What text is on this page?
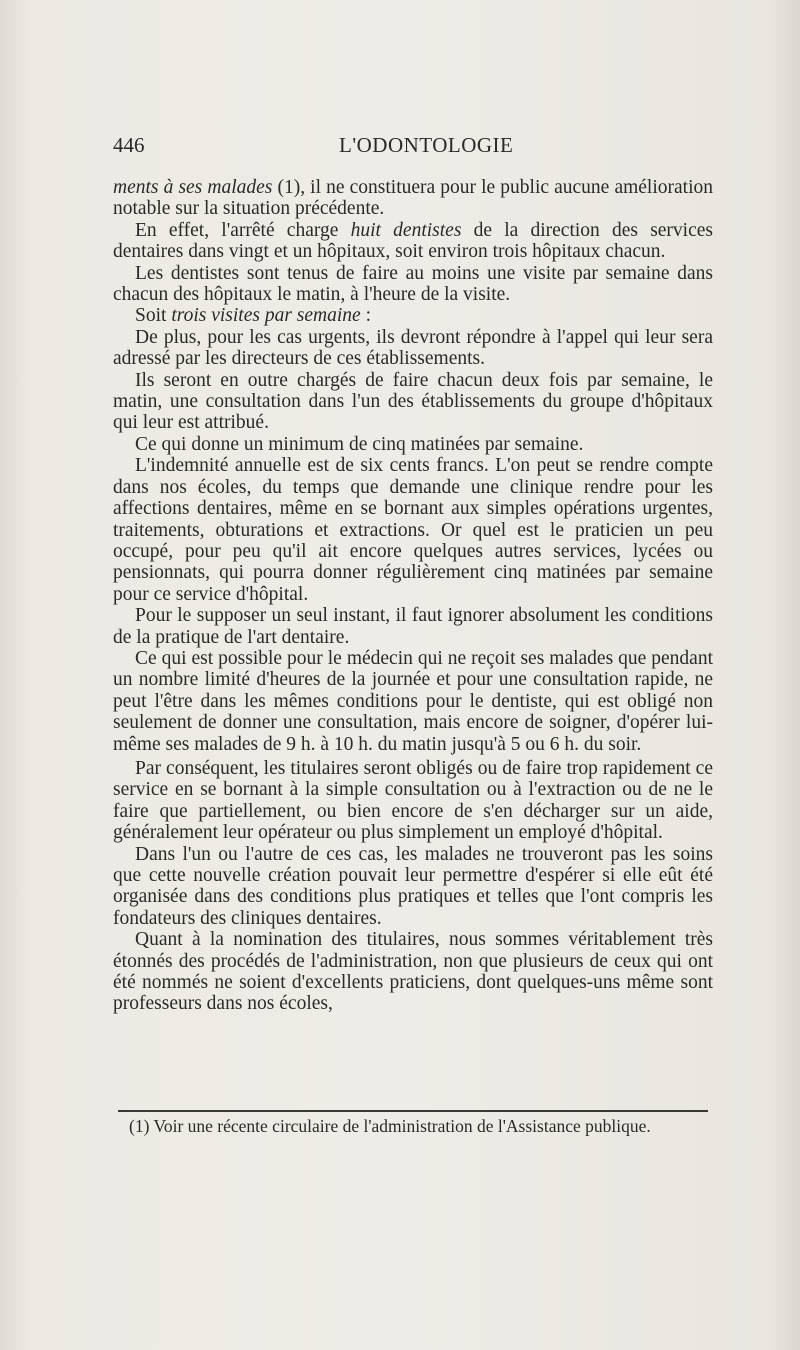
446	L'ODONTOLOGIE

ments à ses malades (1), il ne constituera pour le public aucune amélioration notable sur la situation précédente.

En effet, l'arrêté charge huit dentistes de la direction des services dentaires dans vingt et un hôpitaux, soit environ trois hôpitaux chacun.

Les dentistes sont tenus de faire au moins une visite par semaine dans chacun des hôpitaux le matin, à l'heure de la visite.

Soit trois visites par semaine :

De plus, pour les cas urgents, ils devront répondre à l'appel qui leur sera adressé par les directeurs de ces établissements.

Ils seront en outre chargés de faire chacun deux fois par semaine, le matin, une consultation dans l'un des établissements du groupe d'hôpitaux qui leur est attribué.

Ce qui donne un minimum de cinq matinées par semaine.

L'indemnité annuelle est de six cents francs. L'on peut se rendre compte dans nos écoles, du temps que demande une clinique rendre pour les affections dentaires, même en se bornant aux simples opérations urgentes, traitements, obturations et extractions. Or quel est le praticien un peu occupé, pour peu qu'il ait encore quelques autres services, lycées ou pensionnats, qui pourra donner régulièrement cinq matinées par semaine pour ce service d'hôpital.

Pour le supposer un seul instant, il faut ignorer absolument les conditions de la pratique de l'art dentaire.

Ce qui est possible pour le médecin qui ne reçoit ses malades que pendant un nombre limité d'heures de la journée et pour une consultation rapide, ne peut l'être dans les mêmes conditions pour le dentiste, qui est obligé non seulement de donner une consultation, mais encore de soigner, d'opérer lui-même ses malades de 9 h. à 10 h. du matin jusqu'à 5 ou 6 h. du soir.

Par conséquent, les titulaires seront obligés ou de faire trop rapidement ce service en se bornant à la simple consultation ou à l'extraction ou de ne le faire que partiellement, ou bien encore de s'en décharger sur un aide, généralement leur opérateur ou plus simplement un employé d'hôpital.

Dans l'un ou l'autre de ces cas, les malades ne trouveront pas les soins que cette nouvelle création pouvait leur permettre d'espérer si elle eût été organisée dans des conditions plus pratiques et telles que l'ont compris les fondateurs des cliniques dentaires.

Quant à la nomination des titulaires, nous sommes véritablement très étonnés des procédés de l'administration, non que plusieurs de ceux qui ont été nommés ne soient d'excellents praticiens, dont quelques-uns même sont professeurs dans nos écoles,

(1) Voir une récente circulaire de l'administration de l'Assistance publique.
